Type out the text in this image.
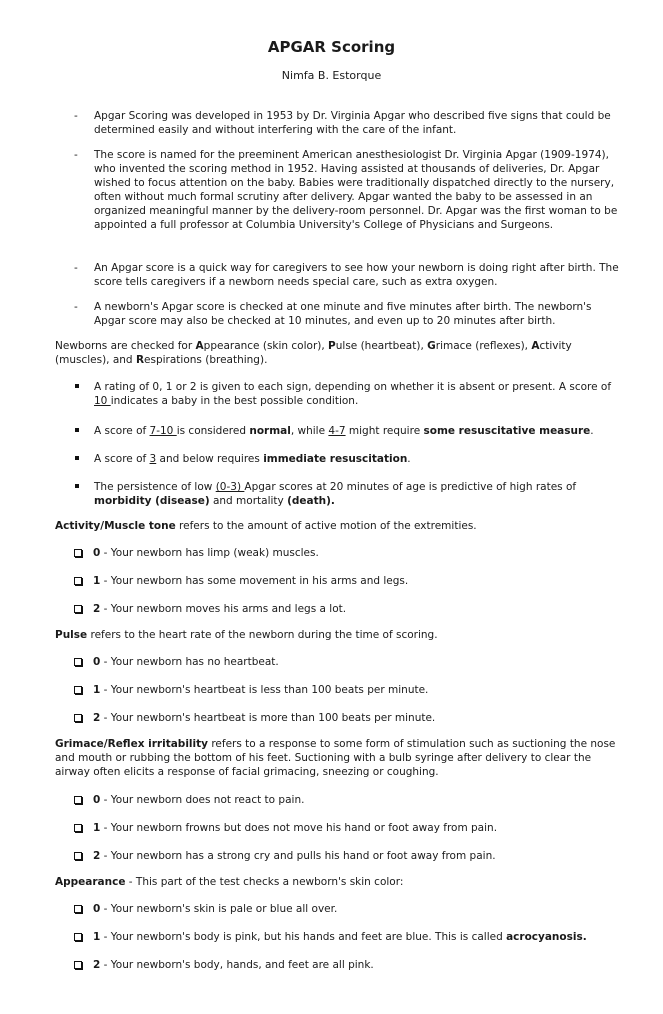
APGAR Scoring
Nimfa B. Estorque
- Apgar Scoring was developed in 1953 by Dr. Virginia Apgar who described five signs that could be determined easily and without interfering with the care of the infant.
- The score is named for the preeminent American anesthesiologist Dr. Virginia Apgar (1909-1974), who invented the scoring method in 1952. Having assisted at thousands of deliveries, Dr. Apgar wished to focus attention on the baby. Babies were traditionally dispatched directly to the nursery, often without much formal scrutiny after delivery. Apgar wanted the baby to be assessed in an organized meaningful manner by the delivery-room personnel. Dr. Apgar was the first woman to be appointed a full professor at Columbia University's College of Physicians and Surgeons.
- An Apgar score is a quick way for caregivers to see how your newborn is doing right after birth. The score tells caregivers if a newborn needs special care, such as extra oxygen.
- A newborn's Apgar score is checked at one minute and five minutes after birth. The newborn's Apgar score may also be checked at 10 minutes, and even up to 20 minutes after birth.
Newborns are checked for Appearance (skin color), Pulse (heartbeat), Grimace (reflexes), Activity (muscles), and Respirations (breathing).
A rating of 0, 1 or 2 is given to each sign, depending on whether it is absent or present. A score of 10 indicates a baby in the best possible condition.
A score of 7-10 is considered normal, while 4-7 might require some resuscitative measure.
A score of 3 and below requires immediate resuscitation.
The persistence of low (0-3) Apgar scores at 20 minutes of age is predictive of high rates of morbidity (disease) and mortality (death).
Activity/Muscle tone refers to the amount of active motion of the extremities.
0 - Your newborn has limp (weak) muscles.
1 - Your newborn has some movement in his arms and legs.
2 - Your newborn moves his arms and legs a lot.
Pulse refers to the heart rate of the newborn during the time of scoring.
0 - Your newborn has no heartbeat.
1 - Your newborn's heartbeat is less than 100 beats per minute.
2 - Your newborn's heartbeat is more than 100 beats per minute.
Grimace/Reflex irritability refers to a response to some form of stimulation such as suctioning the nose and mouth or rubbing the bottom of his feet. Suctioning with a bulb syringe after delivery to clear the airway often elicits a response of facial grimacing, sneezing or coughing.
0 - Your newborn does not react to pain.
1 - Your newborn frowns but does not move his hand or foot away from pain.
2 - Your newborn has a strong cry and pulls his hand or foot away from pain.
Appearance - This part of the test checks a newborn's skin color:
0 - Your newborn's skin is pale or blue all over.
1 - Your newborn's body is pink, but his hands and feet are blue. This is called acrocyanosis.
2 - Your newborn's body, hands, and feet are all pink.
